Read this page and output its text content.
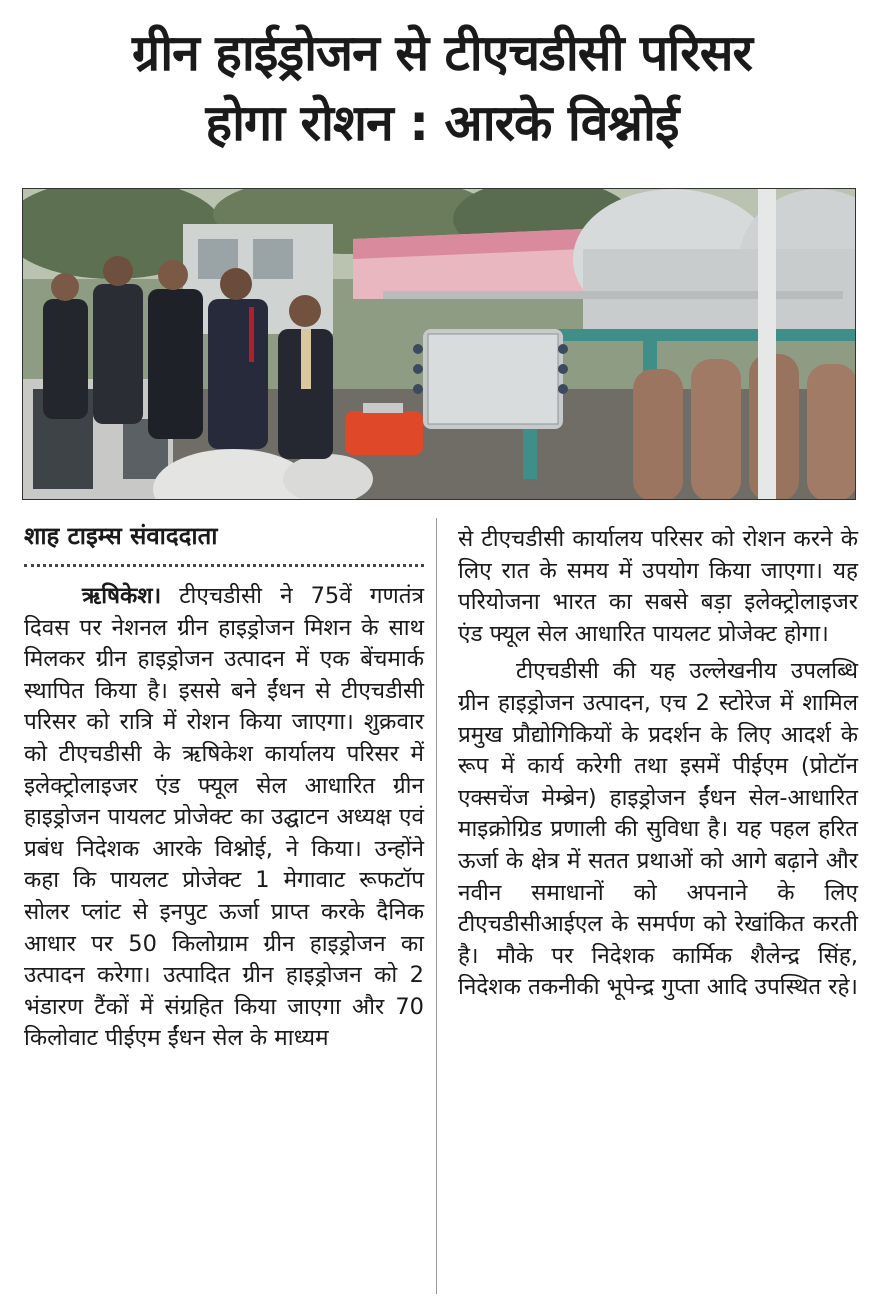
ग्रीन हाईड्रोजन से टीएचडीसी परिसर
होगा रोशन : आरके विश्नोई

शाह टाइम्स संवाददाता

ऋषिकेश। टीएचडीसी ने 75वें गणतंत्र दिवस पर नेशनल ग्रीन हाइड्रोजन मिशन के साथ मिलकर ग्रीन हाइड्रोजन उत्पादन में एक बेंचमार्क स्थापित किया है। इससे बने ईंधन से टीएचडीसी परिसर को रात्रि में रोशन किया जाएगा। शुक्रवार को टीएचडीसी के ऋषिकेश कार्यालय परिसर में इलेक्ट्रोलाइजर एंड फ्यूल सेल आधारित ग्रीन हाइड्रोजन पायलट प्रोजेक्ट का उद्घाटन अध्यक्ष एवं प्रबंध निदेशक आरके विश्नोई, ने किया। उन्होंने कहा कि पायलट प्रोजेक्ट 1 मेगावाट रूफटॉप सोलर प्लांट से इनपुट ऊर्जा प्राप्त करके दैनिक आधार पर 50 किलोग्राम ग्रीन हाइड्रोजन का उत्पादन करेगा। उत्पादित ग्रीन हाइड्रोजन को 2 भंडारण टैंकों में संग्रहित किया जाएगा और 70 किलोवाट पीईएम ईंधन सेल के माध्यम

से टीएचडीसी कार्यालय परिसर को रोशन करने के लिए रात के समय में उपयोग किया जाएगा। यह परियोजना भारत का सबसे बड़ा इलेक्ट्रोलाइजर एंड फ्यूल सेल आधारित पायलट प्रोजेक्ट होगा।

टीएचडीसी की यह उल्लेखनीय उपलब्धि ग्रीन हाइड्रोजन उत्पादन, एच 2 स्टोरेज में शामिल प्रमुख प्रौद्योगिकियों के प्रदर्शन के लिए आदर्श के रूप में कार्य करेगी तथा इसमें पीईएम (प्रोटॉन एक्सचेंज मेम्ब्रेन) हाइड्रोजन ईंधन सेल-आधारित माइक्रोग्रिड प्रणाली की सुविधा है। यह पहल हरित ऊर्जा के क्षेत्र में सतत प्रथाओं को आगे बढ़ाने और नवीन समाधानों को अपनाने के लिए टीएचडीसीआईएल के समर्पण को रेखांकित करती है। मौके पर निदेशक कार्मिक शैलेन्द्र सिंह, निदेशक तकनीकी भूपेन्द्र गुप्ता आदि उपस्थित रहे।
